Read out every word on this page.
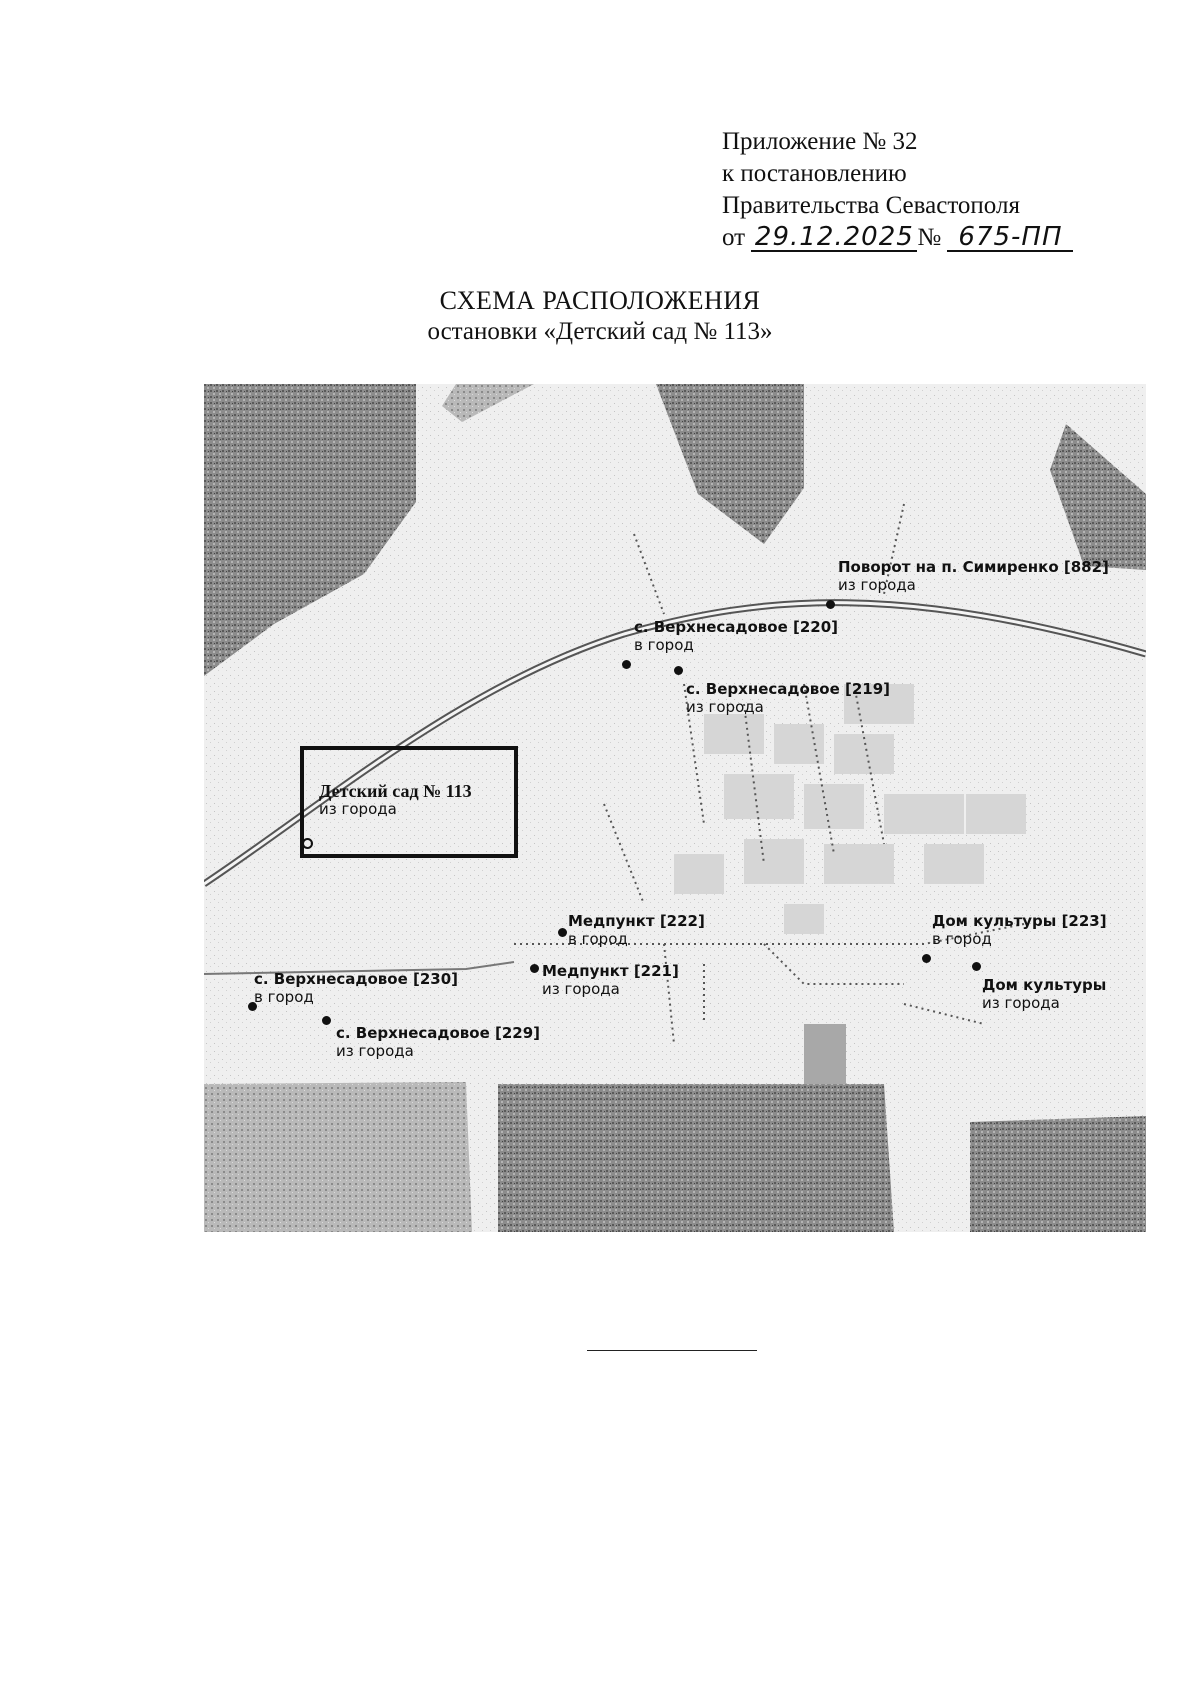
Приложение № 32
к постановлению
Правительства Севастополя
от 29.12.2025 № 675-ПП
СХЕМА РАСПОЛОЖЕНИЯ
остановки «Детский сад № 113»
Детский сад № 113
из города
Поворот на п. Симиренко [882]
из города
с. Верхнесадовое [220]
в город
с. Верхнесадовое [219]
из города
Медпункт [222]
в город
Медпункт [221]
из города
Дом культуры [223]
в город
Дом культуры
из города
с. Верхнесадовое [230]
в город
с. Верхнесадовое [229]
из города
